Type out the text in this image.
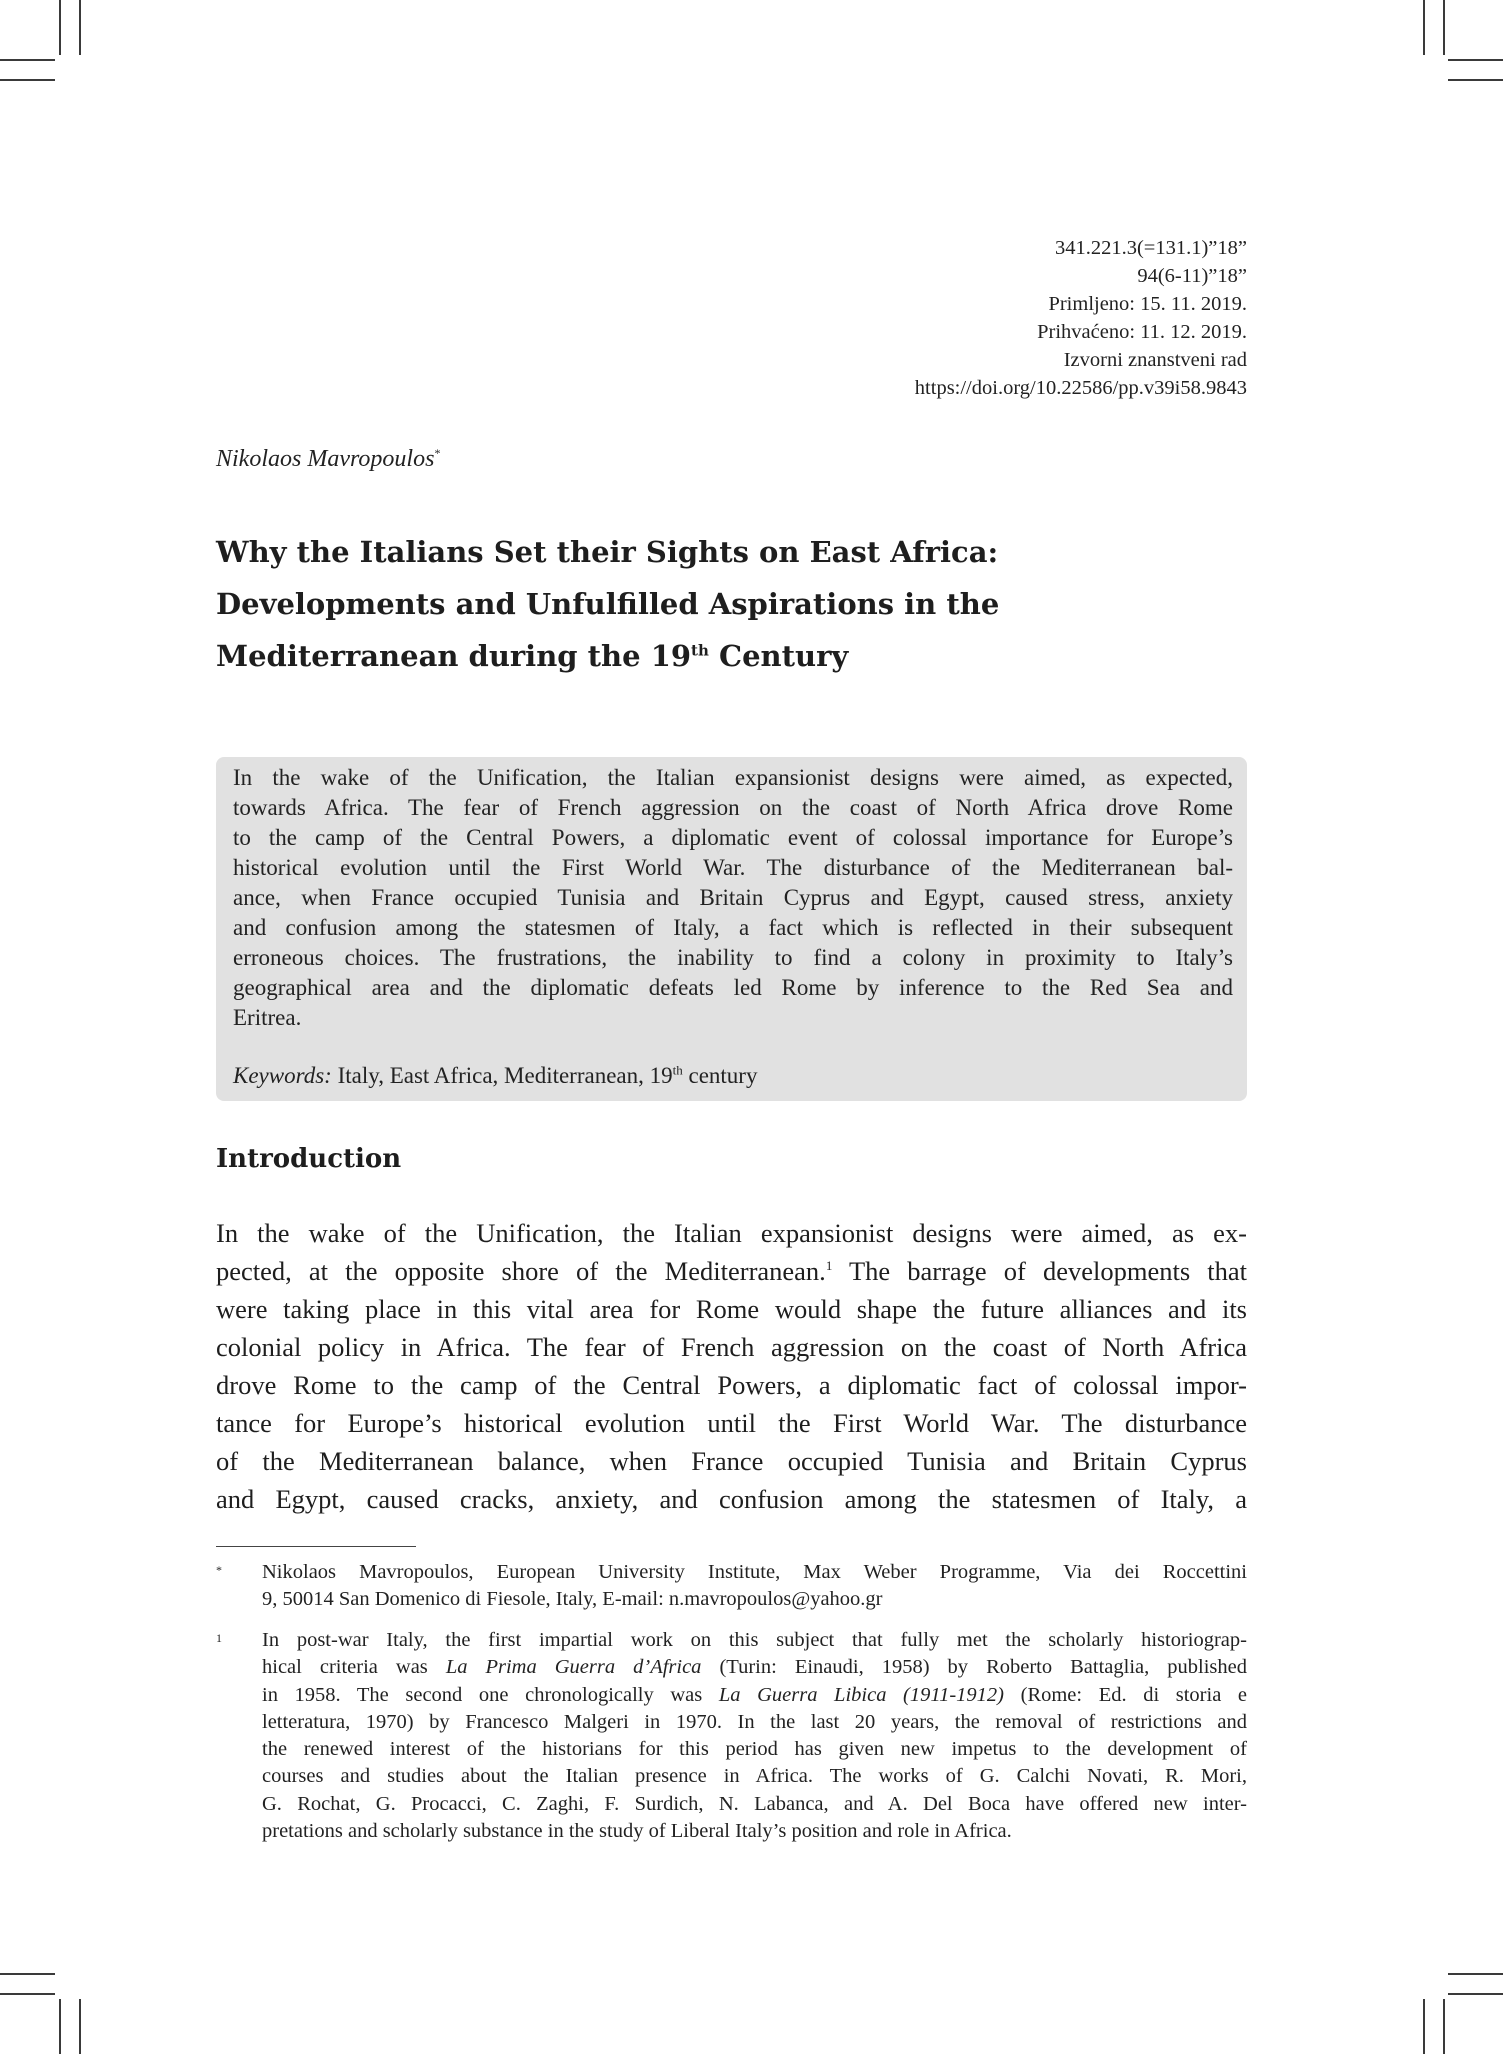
341.221.3(=131.1)”18”
94(6-11)”18”
Primljeno: 15. 11. 2019.
Prihvaćeno: 11. 12. 2019.
Izvorni znanstveni rad
https://doi.org/10.22586/pp.v39i58.9843
Nikolaos Mavropoulos*
Why the Italians Set their Sights on East Africa:
Developments and Unfulfilled Aspirations in the
Mediterranean during the 19th Century
In the wake of the Unification, the Italian expansionist designs were aimed, as expected,
towards Africa. The fear of French aggression on the coast of North Africa drove Rome
to the camp of the Central Powers, a diplomatic event of colossal importance for Europe’s
historical evolution until the First World War. The disturbance of the Mediterranean bal-
ance, when France occupied Tunisia and Britain Cyprus and Egypt, caused stress, anxiety
and confusion among the statesmen of Italy, a fact which is reflected in their subsequent
erroneous choices. The frustrations, the inability to find a colony in proximity to Italy’s
geographical area and the diplomatic defeats led Rome by inference to the Red Sea and
Eritrea.
Keywords: Italy, East Africa, Mediterranean, 19th century
Introduction
In the wake of the Unification, the Italian expansionist designs were aimed, as ex-
pected, at the opposite shore of the Mediterranean.$^1$ The barrage of developments that
were taking place in this vital area for Rome would shape the future alliances and its
colonial policy in Africa. The fear of French aggression on the coast of North Africa
drove Rome to the camp of the Central Powers, a diplomatic fact of colossal impor-
tance for Europe’s historical evolution until the First World War. The disturbance
of the Mediterranean balance, when France occupied Tunisia and Britain Cyprus
and Egypt, caused cracks, anxiety, and confusion among the statesmen of Italy, a
* Nikolaos Mavropoulos, European University Institute, Max Weber Programme, Via dei Roccettini
9, 50014 San Domenico di Fiesole, Italy, E-mail: n.mavropoulos@yahoo.gr
1 In post-war Italy, the first impartial work on this subject that fully met the scholarly historiograp-
hical criteria was La Prima Guerra d’Africa (Turin: Einaudi, 1958) by Roberto Battaglia, published
in 1958. The second one chronologically was La Guerra Libica (1911-1912) (Rome: Ed. di storia e
letteratura, 1970) by Francesco Malgeri in 1970. In the last 20 years, the removal of restrictions and
the renewed interest of the historians for this period has given new impetus to the development of
courses and studies about the Italian presence in Africa. The works of G. Calchi Novati, R. Mori,
G. Rochat, G. Procacci, C. Zaghi, F. Surdich, N. Labanca, and A. Del Boca have offered new inter-
pretations and scholarly substance in the study of Liberal Italy’s position and role in Africa.
